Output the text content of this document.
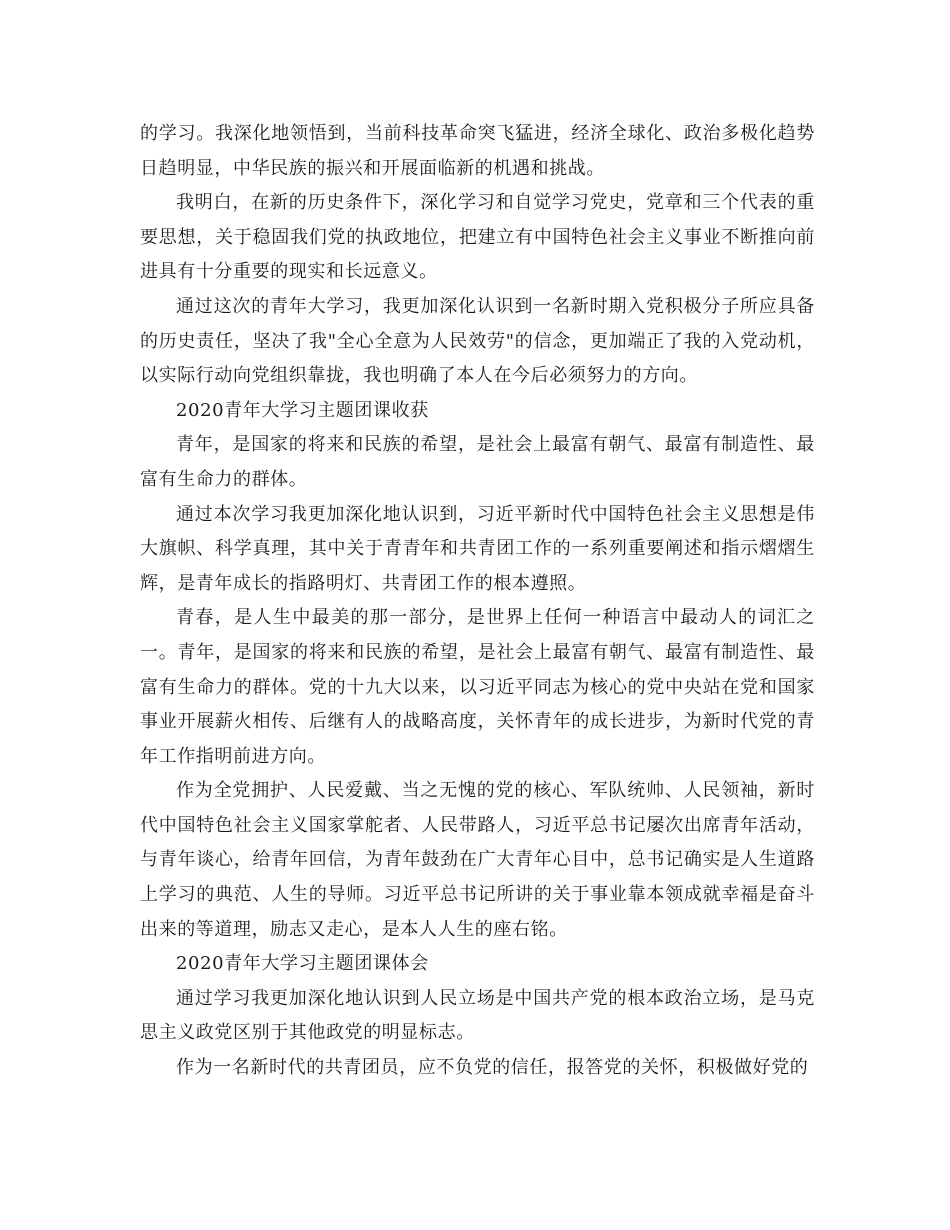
的学习。我深化地领悟到，当前科技革命突飞猛进，经济全球化、政治多极化趋势日趋明显，中华民族的振兴和开展面临新的机遇和挑战。

我明白，在新的历史条件下，深化学习和自觉学习党史，党章和三个代表的重要思想，关于稳固我们党的执政地位，把建立有中国特色社会主义事业不断推向前进具有十分重要的现实和长远意义。

通过这次的青年大学习，我更加深化认识到一名新时期入党积极分子所应具备的历史责任，坚决了我"全心全意为人民效劳"的信念，更加端正了我的入党动机，以实际行动向党组织靠拢，我也明确了本人在今后必须努力的方向。

2020青年大学习主题团课收获

青年，是国家的将来和民族的希望，是社会上最富有朝气、最富有制造性、最富有生命力的群体。

通过本次学习我更加深化地认识到，习近平新时代中国特色社会主义思想是伟大旗帜、科学真理，其中关于青青年和共青团工作的一系列重要阐述和指示熠熠生辉，是青年成长的指路明灯、共青团工作的根本遵照。

青春，是人生中最美的那一部分，是世界上任何一种语言中最动人的词汇之一。青年，是国家的将来和民族的希望，是社会上最富有朝气、最富有制造性、最富有生命力的群体。党的十九大以来，以习近平同志为核心的党中央站在党和国家事业开展薪火相传、后继有人的战略高度，关怀青年的成长进步，为新时代党的青年工作指明前进方向。

作为全党拥护、人民爱戴、当之无愧的党的核心、军队统帅、人民领袖，新时代中国特色社会主义国家掌舵者、人民带路人，习近平总书记屡次出席青年活动，与青年谈心，给青年回信，为青年鼓劲在广大青年心目中，总书记确实是人生道路上学习的典范、人生的导师。习近平总书记所讲的关于事业靠本领成就幸福是奋斗出来的等道理，励志又走心，是本人人生的座右铭。

2020青年大学习主题团课体会

通过学习我更加深化地认识到人民立场是中国共产党的根本政治立场，是马克思主义政党区别于其他政党的明显标志。

作为一名新时代的共青团员，应不负党的信任，报答党的关怀，积极做好党的
